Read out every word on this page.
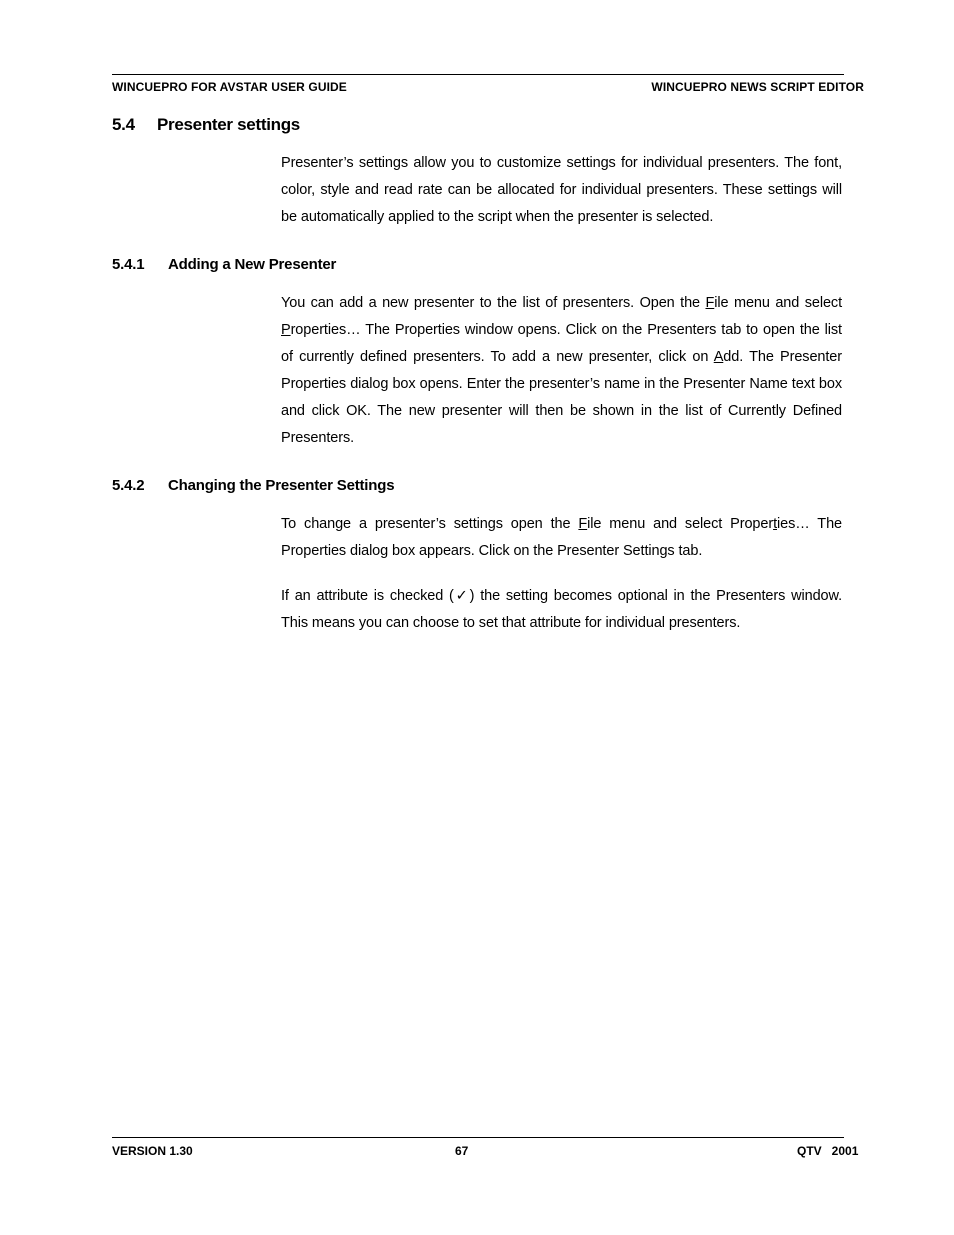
WINCUEPRO FOR AVSTAR USER GUIDE	WINCUEPRO NEWS SCRIPT EDITOR
5.4 Presenter settings
Presenter’s settings allow you to customize settings for individual presenters. The font, color, style and read rate can be allocated for individual presenters. These settings will be automatically applied to the script when the presenter is selected.
5.4.1 Adding a New Presenter
You can add a new presenter to the list of presenters. Open the File menu and select Properties… The Properties window opens. Click on the Presenters tab to open the list of currently defined presenters. To add a new presenter, click on Add. The Presenter Properties dialog box opens. Enter the presenter’s name in the Presenter Name text box and click OK. The new presenter will then be shown in the list of Currently Defined Presenters.
5.4.2 Changing the Presenter Settings
To change a presenter’s settings open the File menu and select Properties… The Properties dialog box appears. Click on the Presenter Settings tab.
If an attribute is checked (✓) the setting becomes optional in the Presenters window. This means you can choose to set that attribute for individual presenters.
VERSION 1.30	67	QTV   2001
